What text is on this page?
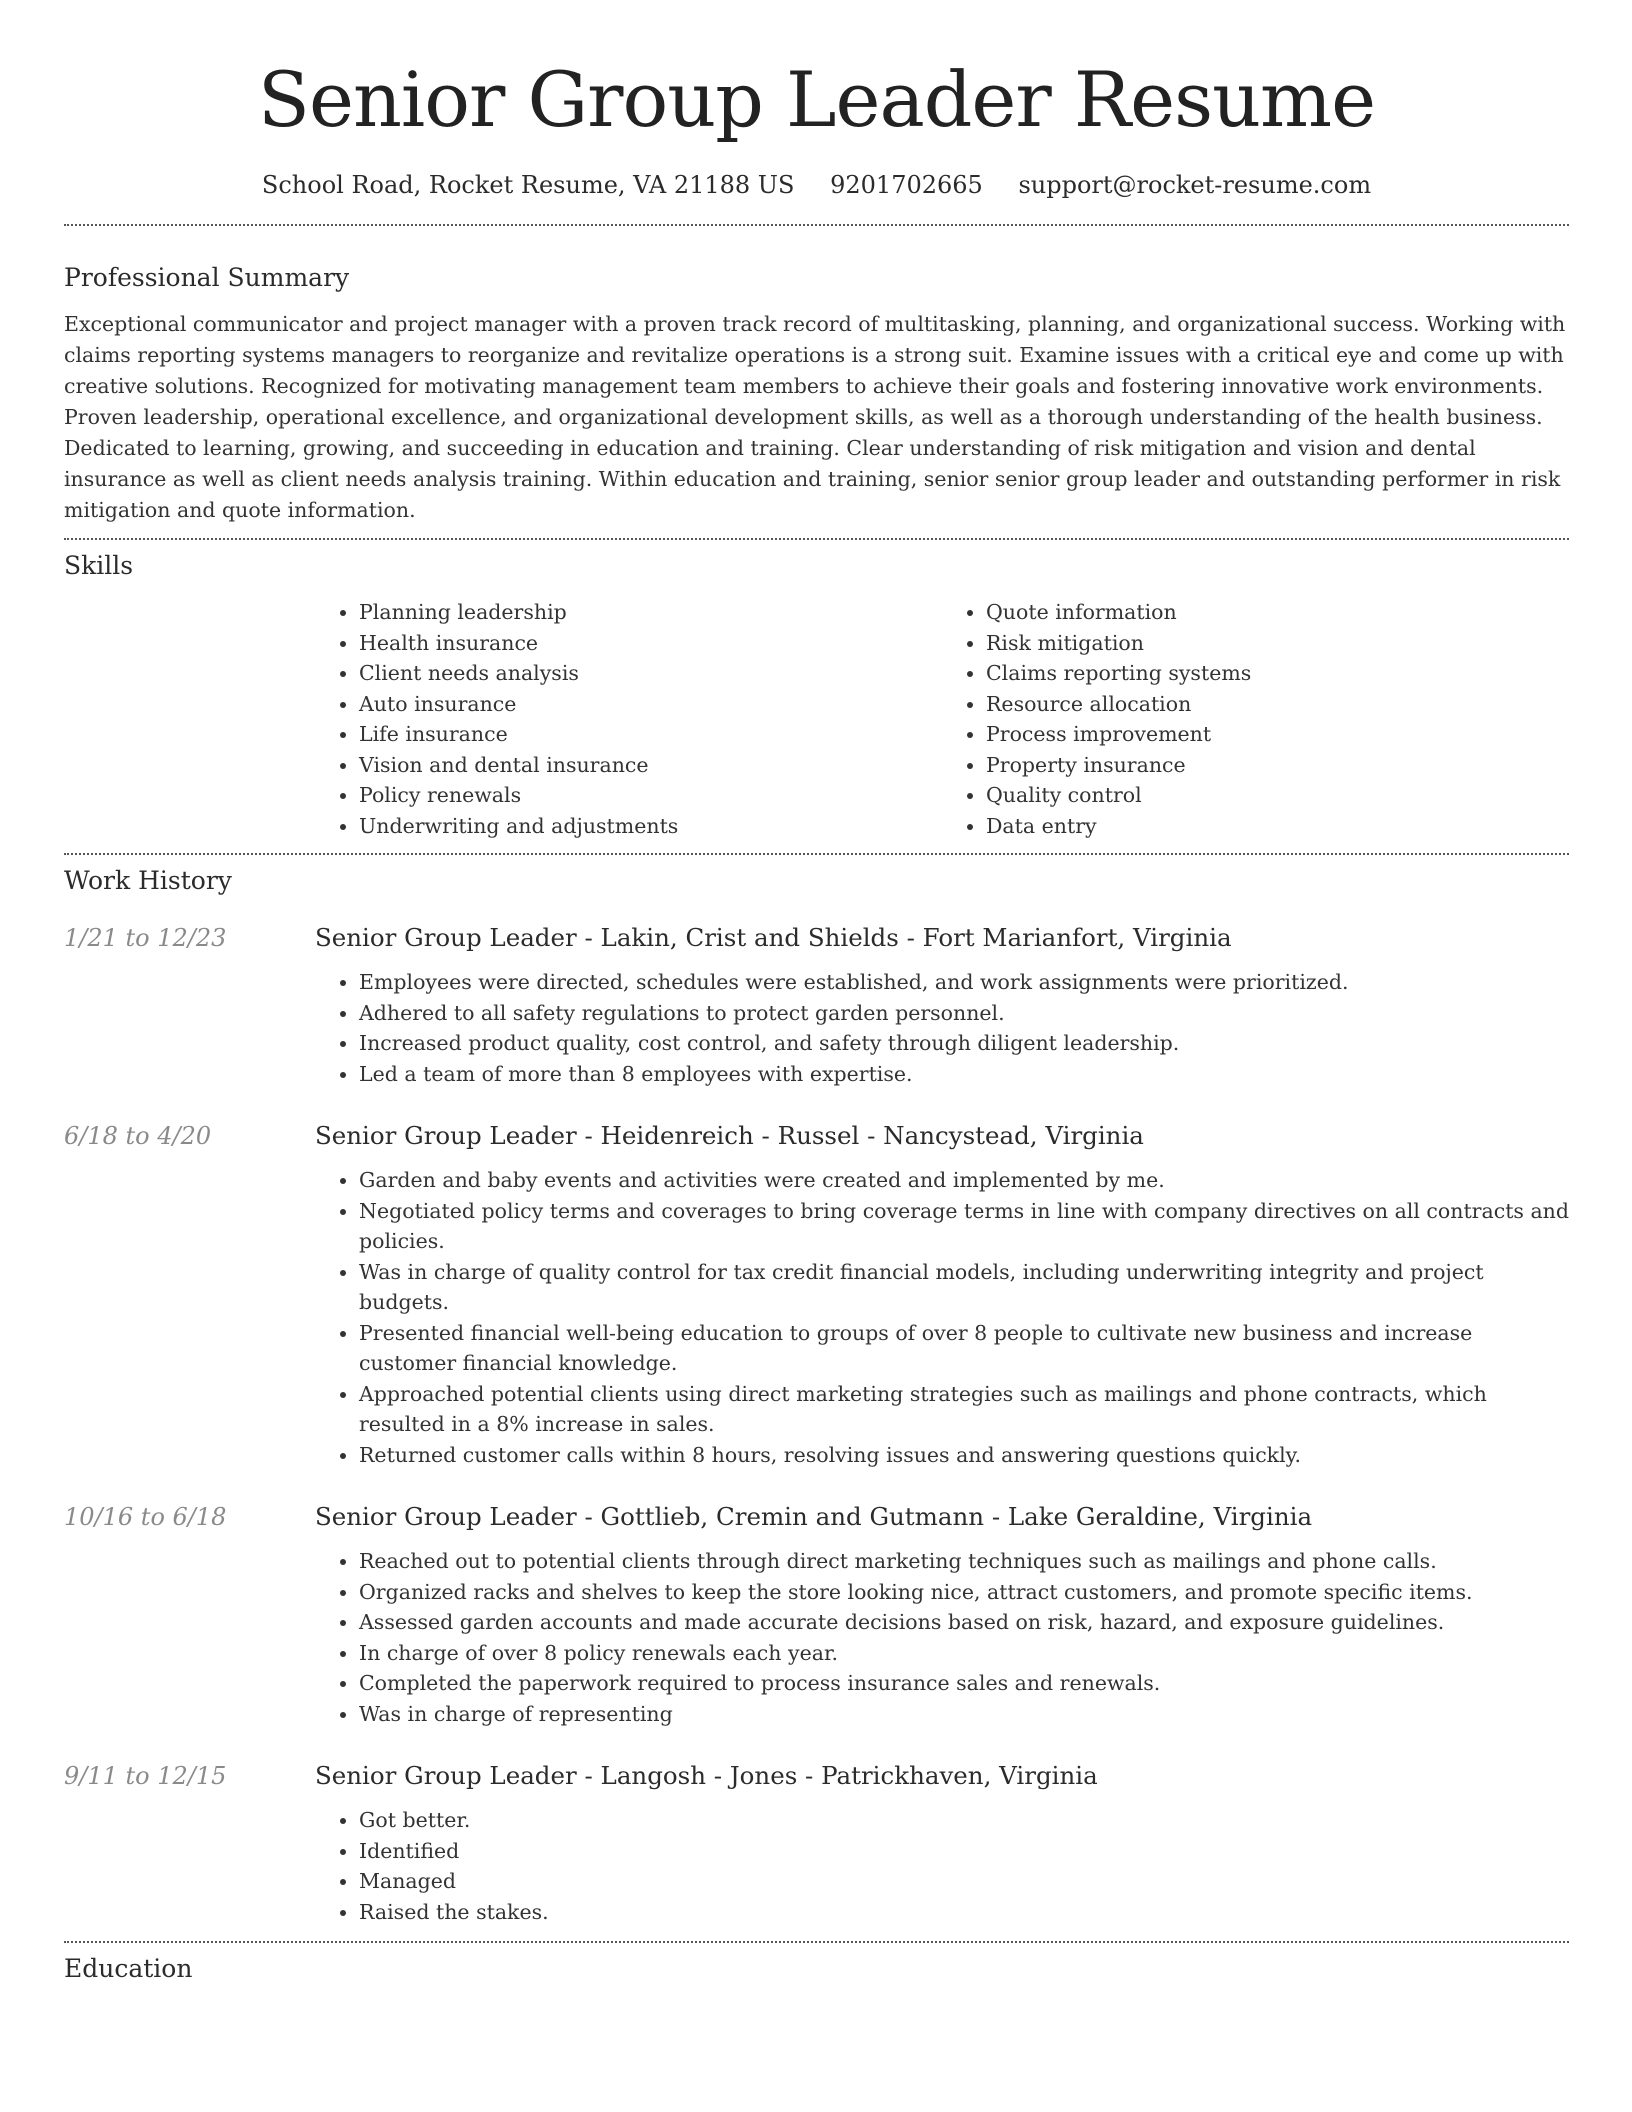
Senior Group Leader Resume
School Road, Rocket Resume, VA 21188 US 9201702665 support@rocket-resume.com
Professional Summary

Exceptional communicator and project manager with a proven track record of multitasking, planning, and organizational success. Working with claims reporting systems managers to reorganize and revitalize operations is a strong suit. Examine issues with a critical eye and come up with creative solutions. Recognized for motivating management team members to achieve their goals and fostering innovative work environments. Proven leadership, operational excellence, and organizational development skills, as well as a thorough understanding of the health business. Dedicated to learning, growing, and succeeding in education and training. Clear understanding of risk mitigation and vision and dental insurance as well as client needs analysis training. Within education and training, senior senior group leader and outstanding performer in risk mitigation and quote information.

Skills
• Planning leadership
• Health insurance
• Client needs analysis
• Auto insurance
• Life insurance
• Vision and dental insurance
• Policy renewals
• Underwriting and adjustments
• Quote information
• Risk mitigation
• Claims reporting systems
• Resource allocation
• Process improvement
• Property insurance
• Quality control
• Data entry
Work History
1/21 to 12/23	Senior Group Leader - Lakin, Crist and Shields - Fort Marianfort, Virginia
• Employees were directed, schedules were established, and work assignments were prioritized.
• Adhered to all safety regulations to protect garden personnel.
• Increased product quality, cost control, and safety through diligent leadership.
• Led a team of more than 8 employees with expertise.
6/18 to 4/20	Senior Group Leader - Heidenreich - Russel - Nancystead, Virginia
• Garden and baby events and activities were created and implemented by me.
• Negotiated policy terms and coverages to bring coverage terms in line with company directives on all contracts and policies.
• Was in charge of quality control for tax credit financial models, including underwriting integrity and project budgets.
• Presented financial well-being education to groups of over 8 people to cultivate new business and increase customer financial knowledge.
• Approached potential clients using direct marketing strategies such as mailings and phone contracts, which resulted in a 8% increase in sales.
• Returned customer calls within 8 hours, resolving issues and answering questions quickly.
10/16 to 6/18	Senior Group Leader - Gottlieb, Cremin and Gutmann - Lake Geraldine, Virginia
• Reached out to potential clients through direct marketing techniques such as mailings and phone calls.
• Organized racks and shelves to keep the store looking nice, attract customers, and promote specific items.
• Assessed garden accounts and made accurate decisions based on risk, hazard, and exposure guidelines.
• In charge of over 8 policy renewals each year.
• Completed the paperwork required to process insurance sales and renewals.
• Was in charge of representing
9/11 to 12/15	Senior Group Leader - Langosh - Jones - Patrickhaven, Virginia
• Got better.
• Identified
• Managed
• Raised the stakes.
Education
